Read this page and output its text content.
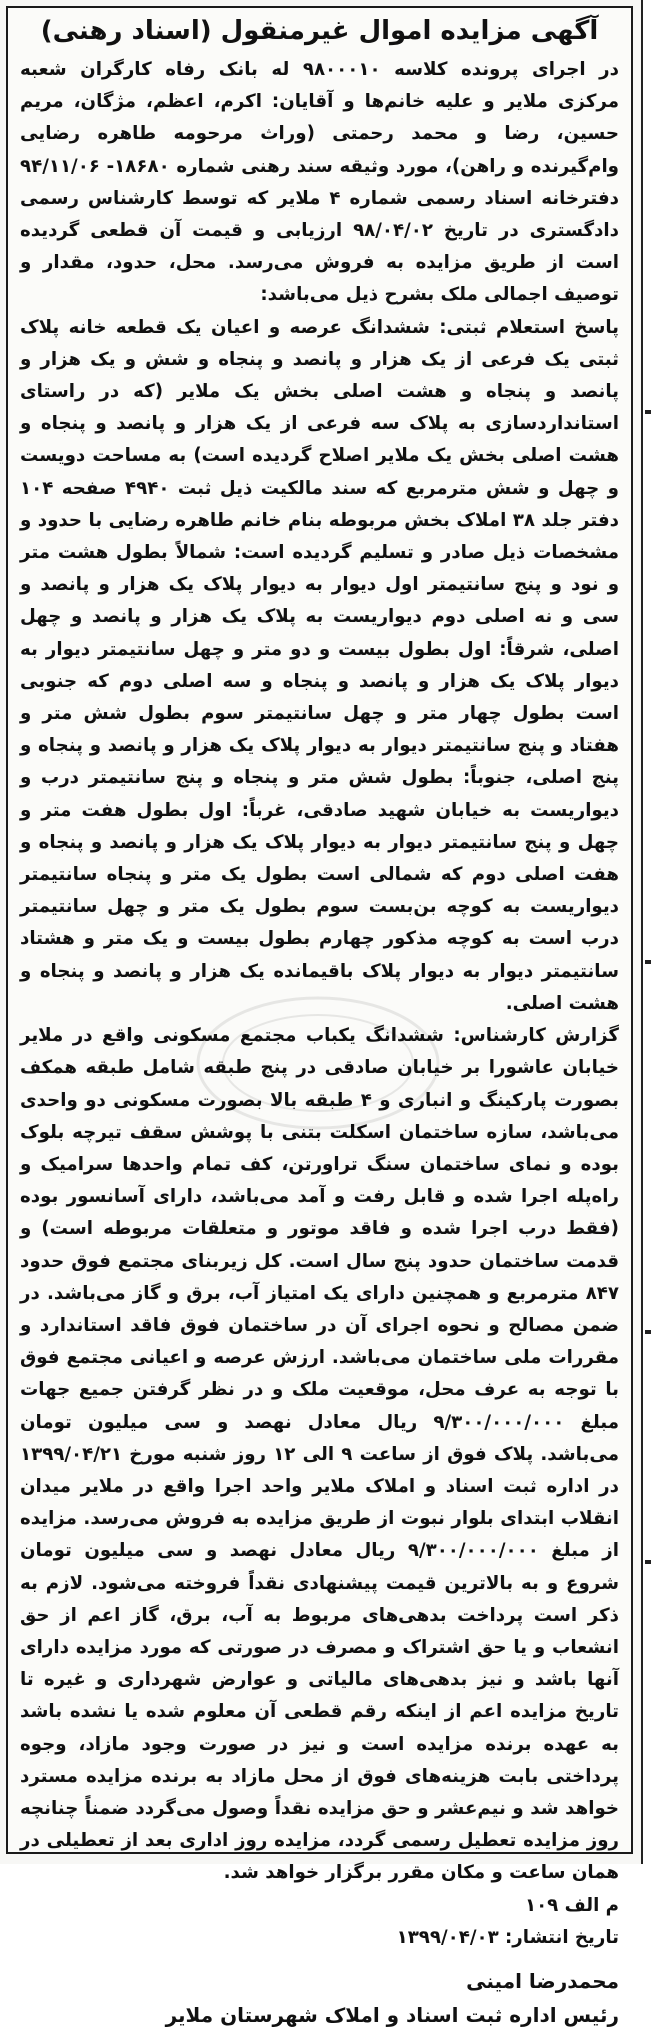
آگهی مزایده اموال غیرمنقول (اسناد رهنی)

در اجرای پرونده کلاسه ۹۸۰۰۰۱۰ له بانک رفاه کارگران شعبه مرکزی ملایر و علیه خانم‌ها و آقایان: اکرم، اعظم، مژگان، مریم حسین، رضا و محمد رحمتی (وراث مرحومه طاهره رضایی وام‌گیرنده و راهن)، مورد وثیقه سند رهنی شماره ۱۸۶۸۰- ۹۴/۱۱/۰۶ دفترخانه اسناد رسمی شماره ۴ ملایر که توسط کارشناس رسمی دادگستری در تاریخ ۹۸/۰۴/۰۲ ارزیابی و قیمت آن قطعی گردیده است از طریق مزایده به فروش می‌رسد. محل، حدود، مقدار و توصیف اجمالی ملک بشرح ذیل می‌باشد:

پاسخ استعلام ثبتی: ششدانگ عرصه و اعیان یک قطعه خانه پلاک ثبتی یک فرعی از یک هزار و پانصد و پنجاه و شش و یک هزار و پانصد و پنجاه و هشت اصلی بخش یک ملایر (که در راستای استانداردسازی به پلاک سه فرعی از یک هزار و پانصد و پنجاه و هشت اصلی بخش یک ملایر اصلاح گردیده است) به مساحت دویست و چهل و شش مترمربع که سند مالکیت ذیل ثبت ۴۹۴۰ صفحه ۱۰۴ دفتر جلد ۳۸ املاک بخش مربوطه بنام خانم طاهره رضایی با حدود و مشخصات ذیل صادر و تسلیم گردیده است: شمالاً بطول هشت متر و نود و پنج سانتیمتر اول دیوار به دیوار پلاک یک هزار و پانصد و سی و نه اصلی دوم دیواریست به پلاک یک هزار و پانصد و چهل اصلی، شرقاً: اول بطول بیست و دو متر و چهل سانتیمتر دیوار به دیوار پلاک یک هزار و پانصد و پنجاه و سه اصلی دوم که جنوبی است بطول چهار متر و چهل سانتیمتر سوم بطول شش متر و هفتاد و پنج سانتیمتر دیوار به دیوار پلاک یک هزار و پانصد و پنجاه و پنج اصلی، جنوباً: بطول شش متر و پنجاه و پنج سانتیمتر درب و دیواریست به خیابان شهید صادقی، غرباً: اول بطول هفت متر و چهل و پنج سانتیمتر دیوار به دیوار پلاک یک هزار و پانصد و پنجاه و هفت اصلی دوم که شمالی است بطول یک متر و پنجاه سانتیمتر دیواریست به کوچه بن‌بست سوم بطول یک متر و چهل سانتیمتر درب است به کوچه مذکور چهارم بطول بیست و یک متر و هشتاد سانتیمتر دیوار به دیوار پلاک باقیمانده یک هزار و پانصد و پنجاه و هشت اصلی.

گزارش کارشناس: ششدانگ یکباب مجتمع مسکونی واقع در ملایر خیابان عاشورا بر خیابان صادقی در پنج طبقه شامل طبقه همکف بصورت پارکینگ و انباری و ۴ طبقه بالا بصورت مسکونی دو واحدی می‌باشد، سازه ساختمان اسکلت بتنی با پوشش سقف تیرچه بلوک بوده و نمای ساختمان سنگ تراورتن، کف تمام واحدها سرامیک و راه‌پله اجرا شده و قابل رفت و آمد می‌باشد، دارای آسانسور بوده (فقط درب اجرا شده و فاقد موتور و متعلقات مربوطه است) و قدمت ساختمان حدود پنج سال است. کل زیربنای مجتمع فوق حدود ۸۴۷ مترمربع و همچنین دارای یک امتیاز آب، برق و گاز می‌باشد. در ضمن مصالح و نحوه اجرای آن در ساختمان فوق فاقد استاندارد و مقررات ملی ساختمان می‌باشد. ارزش عرصه و اعیانی مجتمع فوق با توجه به عرف محل، موقعیت ملک و در نظر گرفتن جمیع جهات مبلغ ۹/۳۰۰/۰۰۰/۰۰۰ ریال معادل نهصد و سی میلیون تومان می‌باشد. پلاک فوق از ساعت ۹ الی ۱۲ روز شنبه مورخ ۱۳۹۹/۰۴/۲۱ در اداره ثبت اسناد و املاک ملایر واحد اجرا واقع در ملایر میدان انقلاب ابتدای بلوار نبوت از طریق مزایده به فروش می‌رسد. مزایده از مبلغ ۹/۳۰۰/۰۰۰/۰۰۰ ریال معادل نهصد و سی میلیون تومان شروع و به بالاترین قیمت پیشنهادی نقداً فروخته می‌شود. لازم به ذکر است پرداخت بدهی‌های مربوط به آب، برق، گاز اعم از حق انشعاب و یا حق اشتراک و مصرف در صورتی که مورد مزایده دارای آنها باشد و نیز بدهی‌های مالیاتی و عوارض شهرداری و غیره تا تاریخ مزایده اعم از اینکه رقم قطعی آن معلوم شده یا نشده باشد به عهده برنده مزایده است و نیز در صورت وجود مازاد، وجوه پرداختی بابت هزینه‌های فوق از محل مازاد به برنده مزایده مسترد خواهد شد و نیم‌عشر و حق مزایده نقداً وصول می‌گردد ضمناً چنانچه روز مزایده تعطیل رسمی گردد، مزایده روز اداری بعد از تعطیلی در همان ساعت و مکان مقرر برگزار خواهد شد.

م الف ۱۰۹

تاریخ انتشار: ۱۳۹۹/۰۴/۰۳

محمدرضا امینی

رئیس اداره ثبت اسناد و املاک شهرستان ملایر
